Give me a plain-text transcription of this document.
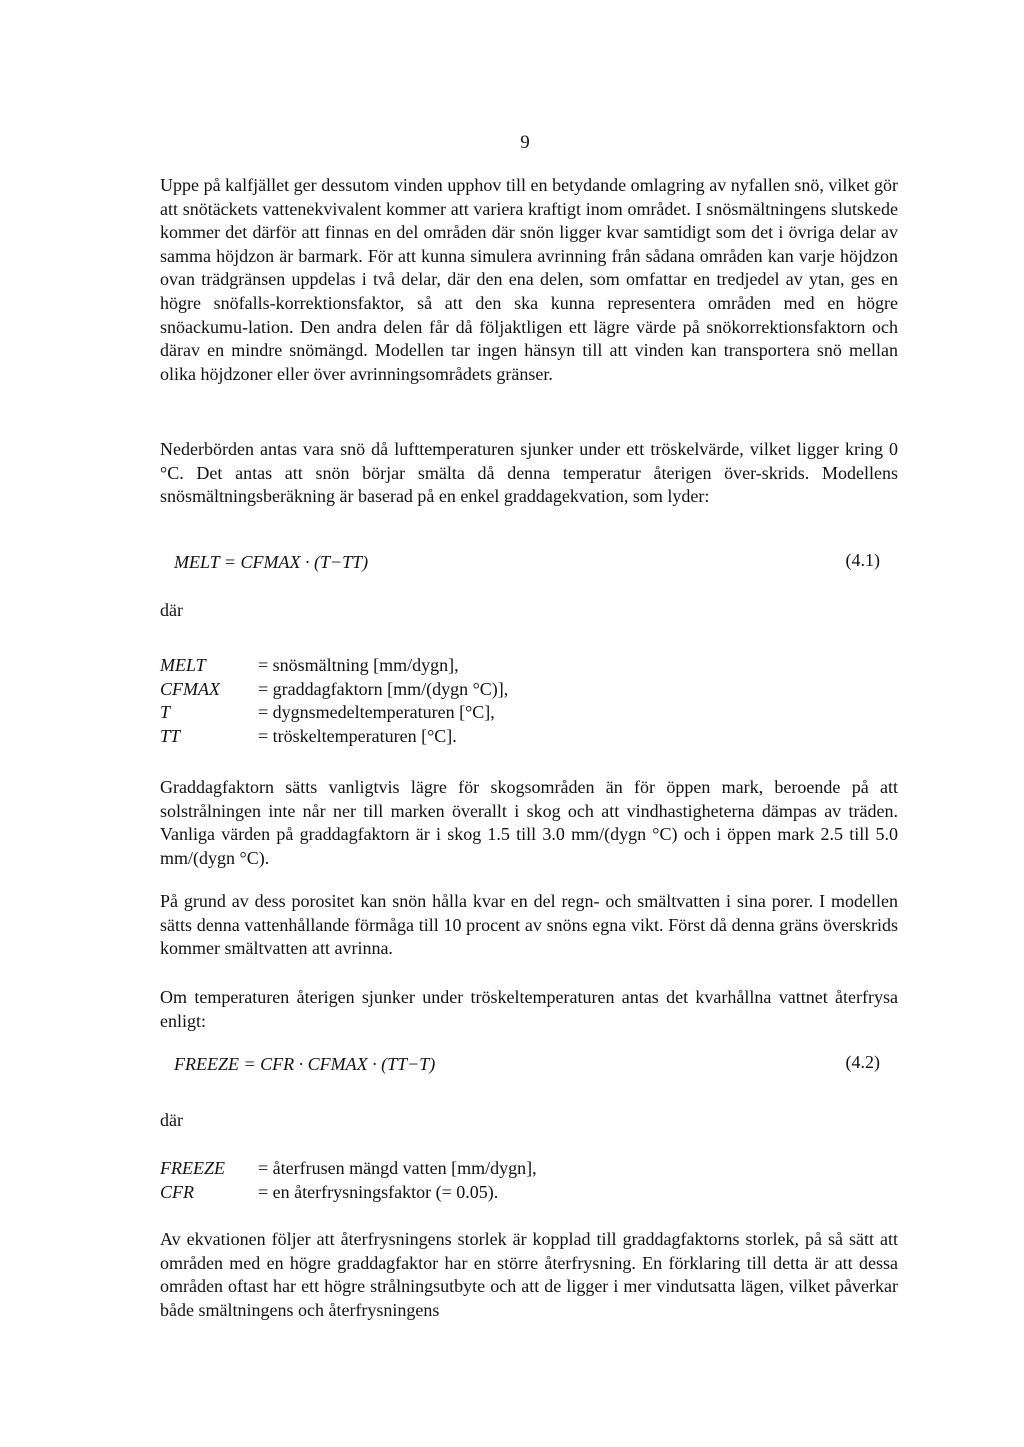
9

Uppe på kalfjället ger dessutom vinden upphov till en betydande omlagring av nyfallen snö, vilket gör att snötäckets vattenekvivalent kommer att variera kraftigt inom området. I snösmältningens slutskede kommer det därför att finnas en del områden där snön ligger kvar samtidigt som det i övriga delar av samma höjdzon är barmark. För att kunna simulera avrinning från sådana områden kan varje höjdzon ovan trädgränsen uppdelas i två delar, där den ena delen, som omfattar en tredjedel av ytan, ges en högre snöfalls-korrektionsfaktor, så att den ska kunna representera områden med en högre snöackumu-lation. Den andra delen får då följaktligen ett lägre värde på snökorrektionsfaktorn och därav en mindre snömängd. Modellen tar ingen hänsyn till att vinden kan transportera snö mellan olika höjdzoner eller över avrinningsområdets gränser.

Nederbörden antas vara snö då lufttemperaturen sjunker under ett tröskelvärde, vilket ligger kring 0 °C. Det antas att snön börjar smälta då denna temperatur återigen över-skrids. Modellens snösmältningsberäkning är baserad på en enkel graddagekvation, som lyder:

MELT = CFMAX · (T−TT)	(4.1)
där
MELT	= snösmältning [mm/dygn],
CFMAX	= graddagfaktorn [mm/(dygn °C)],
T	= dygnsmedeltemperaturen [°C],
TT	= tröskeltemperaturen [°C].

Graddagfaktorn sätts vanligtvis lägre för skogsområden än för öppen mark, beroende på att solstrålningen inte når ner till marken överallt i skog och att vindhastigheterna dämpas av träden. Vanliga värden på graddagfaktorn är i skog 1.5 till 3.0 mm/(dygn °C) och i öppen mark 2.5 till 5.0 mm/(dygn °C).

På grund av dess porositet kan snön hålla kvar en del regn- och smältvatten i sina porer. I modellen sätts denna vattenhållande förmåga till 10 procent av snöns egna vikt. Först då denna gräns överskrids kommer smältvatten att avrinna.

Om temperaturen återigen sjunker under tröskeltemperaturen antas det kvarhållna vattnet återfrysa enligt:

FREEZE = CFR · CFMAX · (TT−T)	(4.2)
där
FREEZE	= återfrusen mängd vatten [mm/dygn],
CFR	= en återfrysningsfaktor (= 0.05).

Av ekvationen följer att återfrysningens storlek är kopplad till graddagfaktorns storlek, på så sätt att områden med en högre graddagfaktor har en större återfrysning. En förklaring till detta är att dessa områden oftast har ett högre strålningsutbyte och att de ligger i mer vindutsatta lägen, vilket påverkar både smältningens och återfrysningens
